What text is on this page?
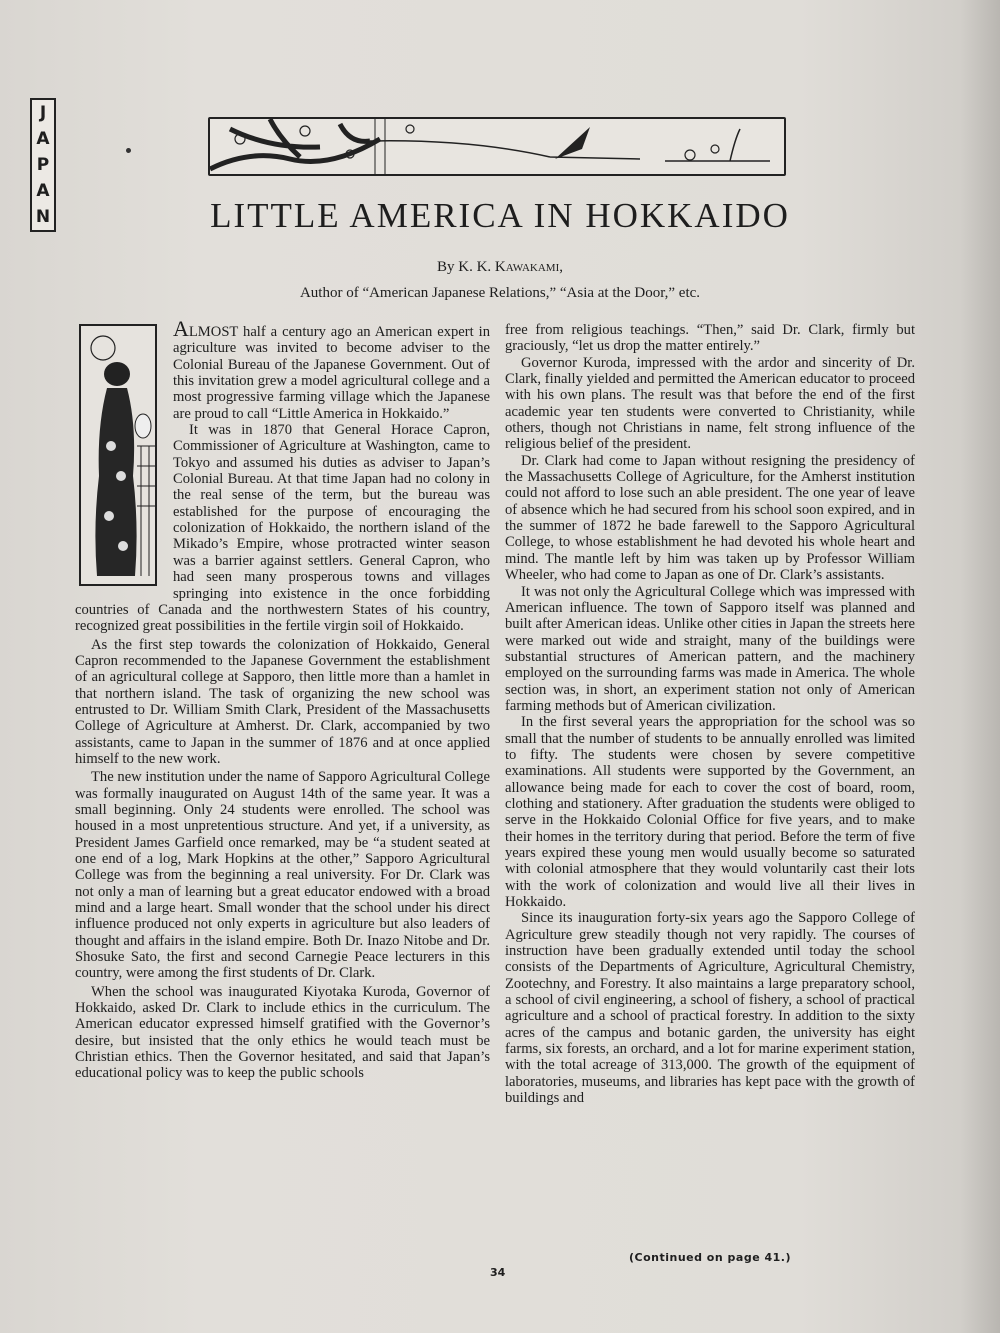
J
A
P
A
N	LITTLE AMERICA IN HOKKAIDO
By K. K. Kawakami,
Author of “American Japanese Relations,” “Asia at the Door,” etc.

ALMOST half a century ago an American expert in agriculture was invited to become adviser to the Colonial Bureau of the Japanese Government. Out of this invitation grew a model agricultural college and a most progressive farming village which the Japanese are proud to call “Little America in Hokkaido.”

It was in 1870 that General Horace Capron, Commissioner of Agriculture at Washington, came to Tokyo and assumed his duties as adviser to Japan’s Colonial Bureau. At that time Japan had no colony in the real sense of the term, but the bureau was established for the purpose of encouraging the colonization of Hokkaido, the northern island of the Mikado’s Empire, whose protracted winter season was a barrier against settlers. General Capron, who had seen many prosperous towns and villages springing into existence in the once forbidding countries of Canada and the northwestern States of his country, recognized great possibilities in the fertile virgin soil of Hokkaido.

As the first step towards the colonization of Hokkaido, General Capron recommended to the Japanese Government the establishment of an agricultural college at Sapporo, then little more than a hamlet in that northern island. The task of organizing the new school was entrusted to Dr. William Smith Clark, President of the Massachusetts College of Agriculture at Amherst. Dr. Clark, accompanied by two assistants, came to Japan in the summer of 1876 and at once applied himself to the new work.

The new institution under the name of Sapporo Agricultural College was formally inaugurated on August 14th of the same year. It was a small beginning. Only 24 students were enrolled. The school was housed in a most unpretentious structure. And yet, if a university, as President James Garfield once remarked, may be “a student seated at one end of a log, Mark Hopkins at the other,” Sapporo Agricultural College was from the beginning a real university. For Dr. Clark was not only a man of learning but a great educator endowed with a broad mind and a large heart. Small wonder that the school under his direct influence produced not only experts in agriculture but also leaders of thought and affairs in the island empire. Both Dr. Inazo Nitobe and Dr. Shosuke Sato, the first and second Carnegie Peace lecturers in this country, were among the first students of Dr. Clark.

When the school was inaugurated Kiyotaka Kuroda, Governor of Hokkaido, asked Dr. Clark to include ethics in the curriculum. The American educator expressed himself gratified with the Governor’s desire, but insisted that the only ethics he would teach must be Christian ethics. Then the Governor hesitated, and said that Japan’s educational policy was to keep the public schools

free from religious teachings. “Then,” said Dr. Clark, firmly but graciously, “let us drop the matter entirely.”

Governor Kuroda, impressed with the ardor and sincerity of Dr. Clark, finally yielded and permitted the American educator to proceed with his own plans. The result was that before the end of the first academic year ten students were converted to Christianity, while others, though not Christians in name, felt strong influence of the religious belief of the president.

Dr. Clark had come to Japan without resigning the presidency of the Massachusetts College of Agriculture, for the Amherst institution could not afford to lose such an able president. The one year of leave of absence which he had secured from his school soon expired, and in the summer of 1872 he bade farewell to the Sapporo Agricultural College, to whose establishment he had devoted his whole heart and mind. The mantle left by him was taken up by Professor William Wheeler, who had come to Japan as one of Dr. Clark’s assistants.

It was not only the Agricultural College which was impressed with American influence. The town of Sapporo itself was planned and built after American ideas. Unlike other cities in Japan the streets here were marked out wide and straight, many of the buildings were substantial structures of American pattern, and the machinery employed on the surrounding farms was made in America. The whole section was, in short, an experiment station not only of American farming methods but of American civilization.

In the first several years the appropriation for the school was so small that the number of students to be annually enrolled was limited to fifty. The students were chosen by severe competitive examinations. All students were supported by the Government, an allowance being made for each to cover the cost of board, room, clothing and stationery. After graduation the students were obliged to serve in the Hokkaido Colonial Office for five years, and to make their homes in the territory during that period. Before the term of five years expired these young men would usually become so saturated with colonial atmosphere that they would voluntarily cast their lots with the work of colonization and would live all their lives in Hokkaido.

Since its inauguration forty-six years ago the Sapporo College of Agriculture grew steadily though not very rapidly. The courses of instruction have been gradually extended until today the school consists of the Departments of Agriculture, Agricultural Chemistry, Zootechny, and Forestry. It also maintains a large preparatory school, a school of civil engineering, a school of fishery, a school of practical agriculture and a school of practical forestry. In addition to the sixty acres of the campus and botanic garden, the university has eight farms, six forests, an orchard, and a lot for marine experiment station, with the total acreage of 313,000. The growth of the equipment of laboratories, museums, and libraries has kept pace with the growth of buildings and

(Continued on page 41.)
34
